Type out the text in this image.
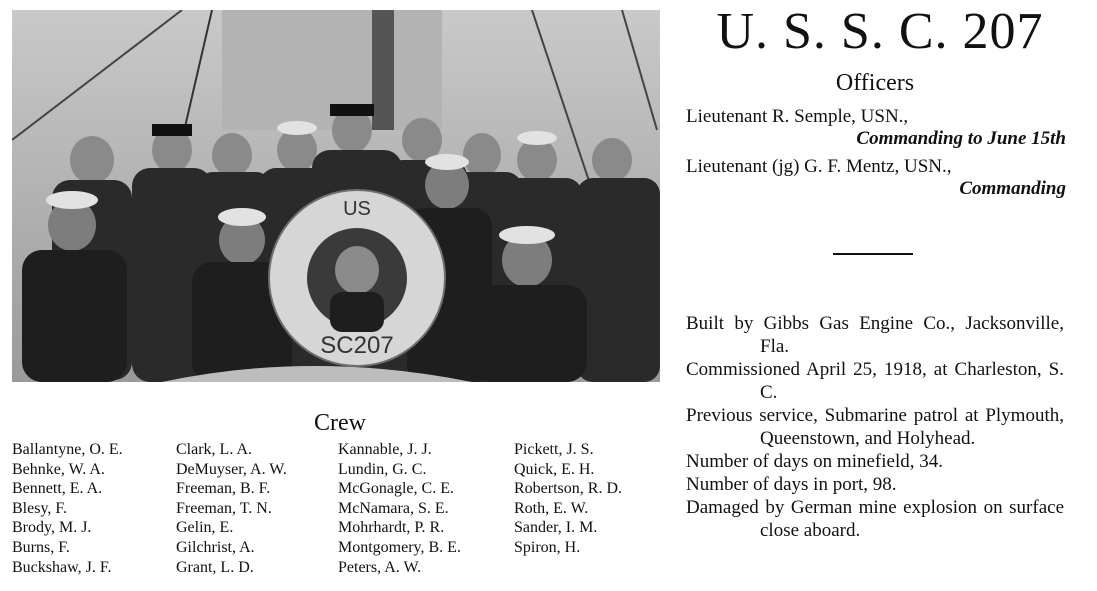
US
SC207
U. S. S. C. 207
Officers
Lieutenant R. Semple, USN.,
Commanding to June 15th
Lieutenant (jg) G. F. Mentz, USN.,
Commanding

Built by Gibbs Gas Engine Co., Jacksonville, Fla.

Commissioned April 25, 1918, at Charleston, S. C.

Previous service, Submarine patrol at Plymouth, Queenstown, and Holyhead.

Number of days on minefield, 34.

Number of days in port, 98.

Damaged by German mine explosion on surface close aboard.

Crew
Ballantyne, O. E.
Behnke, W. A.
Bennett, E. A.
Blesy, F.
Brody, M. J.
Burns, F.
Buckshaw, J. F.
Clark, L. A.
DeMuyser, A. W.
Freeman, B. F.
Freeman, T. N.
Gelin, E.
Gilchrist, A.
Grant, L. D.
Kannable, J. J.
Lundin, G. C.
McGonagle, C. E.
McNamara, S. E.
Mohrhardt, P. R.
Montgomery, B. E.
Peters, A. W.
Pickett, J. S.
Quick, E. H.
Robertson, R. D.
Roth, E. W.
Sander, I. M.
Spiron, H.
